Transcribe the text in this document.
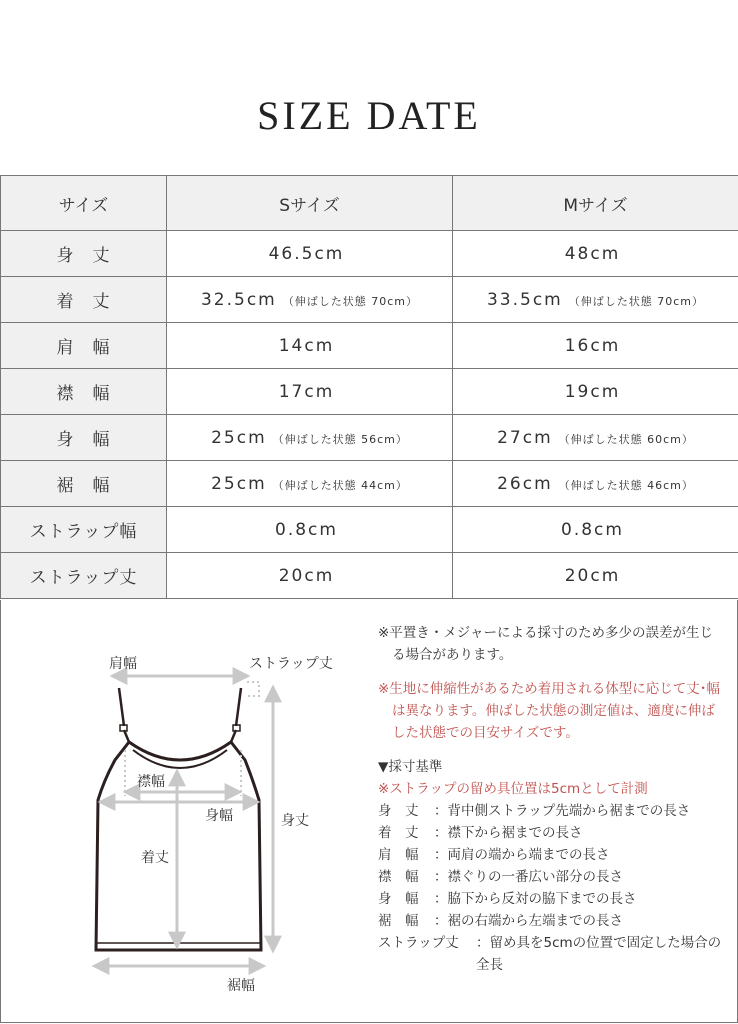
SIZE DATE
サイズ	Sサイズ	Mサイズ
身　丈	46.5cm	48cm
着　丈	32.5cm （伸ばした状態 70cm）	33.5cm （伸ばした状態 70cm）
肩　幅	14cm	16cm
襟　幅	17cm	19cm
身　幅	25cm （伸ばした状態 56cm）	27cm （伸ばした状態 60cm）
裾　幅	25cm （伸ばした状態 44cm）	26cm （伸ばした状態 46cm）
ストラップ幅	0.8cm	0.8cm
ストラップ丈	20cm	20cm
肩幅	ストラップ丈
襟幅
身幅	身丈
着丈
裾幅

※平置き・メジャーによる採寸のため多少の誤差が生じる場合があります。

※生地に伸縮性があるため着用される体型に応じて丈･幅は異なります。伸ばした状態の測定値は、適度に伸ばした状態での目安サイズです。

▼採寸基準

※ストラップの留め具位置は5cmとして計測

身　丈	：背中側ストラップ先端から裾までの長さ
着　丈	：襟下から裾までの長さ
肩　幅	：両肩の端から端までの長さ
襟　幅	：襟ぐりの一番広い部分の長さ
身　幅	：脇下から反対の脇下までの長さ
裾　幅	：裾の右端から左端までの長さ
ストラップ丈	：留め具を5cmの位置で固定した場合の全長
